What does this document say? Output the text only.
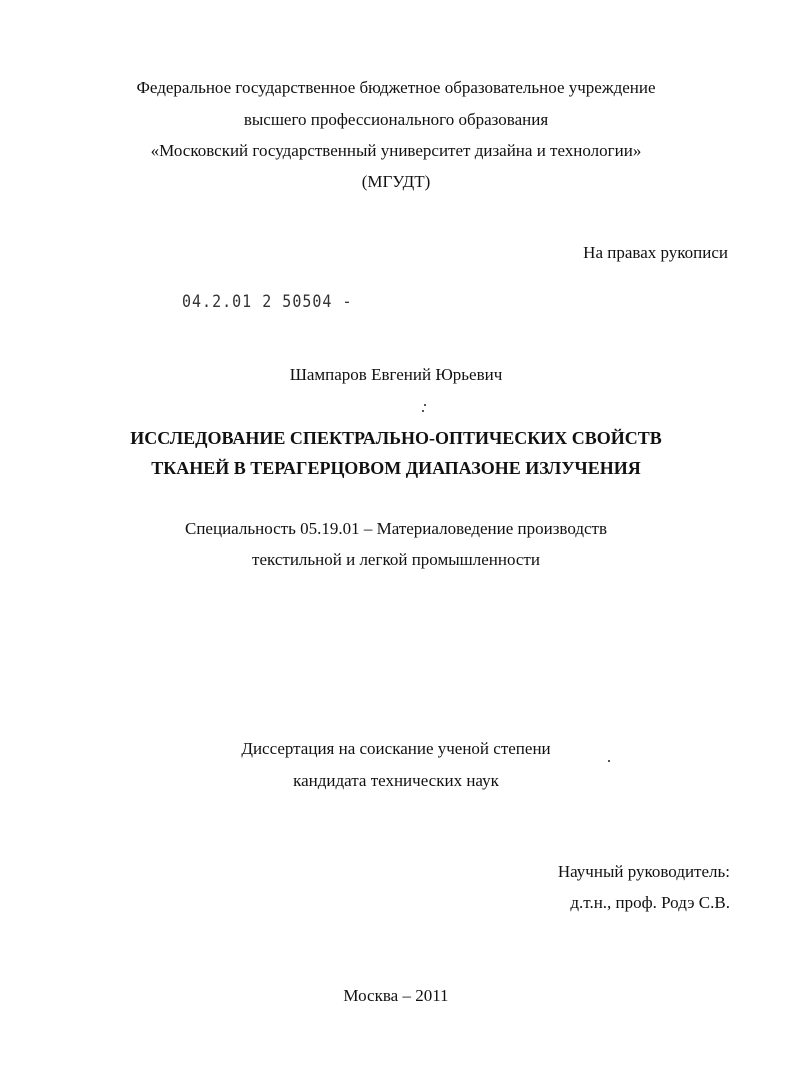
Федеральное государственное бюджетное образовательное учреждение
высшего профессионального образования
«Московский государственный университет дизайна и технологии»
(МГУДТ)
На правах рукописи
04.2.01 2 50504 -
Шампаров Евгений Юрьевич
ИССЛЕДОВАНИЕ СПЕКТРАЛЬНО-ОПТИЧЕСКИХ СВОЙСТВ
ТКАНЕЙ В ТЕРАГЕРЦОВОМ ДИАПАЗОНЕ ИЗЛУЧЕНИЯ
Специальность 05.19.01 – Материаловедение производств
текстильной и легкой промышленности
Диссертация на соискание ученой степени
кандидата технических наук
Научный руководитель:
д.т.н., проф. Родэ С.В.
Москва – 2011
